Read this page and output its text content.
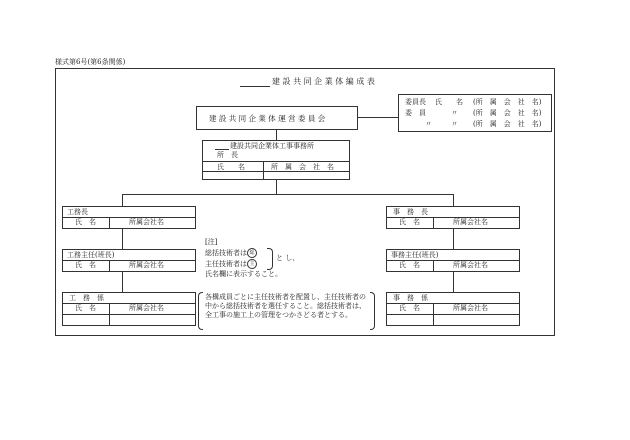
様式第6号(第6条関係)
建 設 共 同 企 業 体 編 成 表
建 設 共 同 企 業 体 運 営 委 員 会
委員長 氏　　名 (所　属　会　社　名)
委　員	〃 (所　属　会　社　名)
〃	〃 (所　属　会　社　名)
建設共同企業体工事事務所
所　長
氏　　名	所　属　会　社　名
工務長
氏　名	所属会社名
工務主任(班長)
氏　名	所属会社名
工　務　係
氏　名	所属会社名
事　務　長
氏　名	所属会社名
事務主任(班長)
氏　名	所属会社名
事　務　係
氏　名	所属会社名
[注]
総括技術者は 総
主任技術者は 主
氏名欄に表示すること。
と し、
各構成員ごとに主任技術者を配置し、主任技術者の中から総括技術者を選任すること。総括技術者は、全工事の施工上の管理をつかさどる者とする。
